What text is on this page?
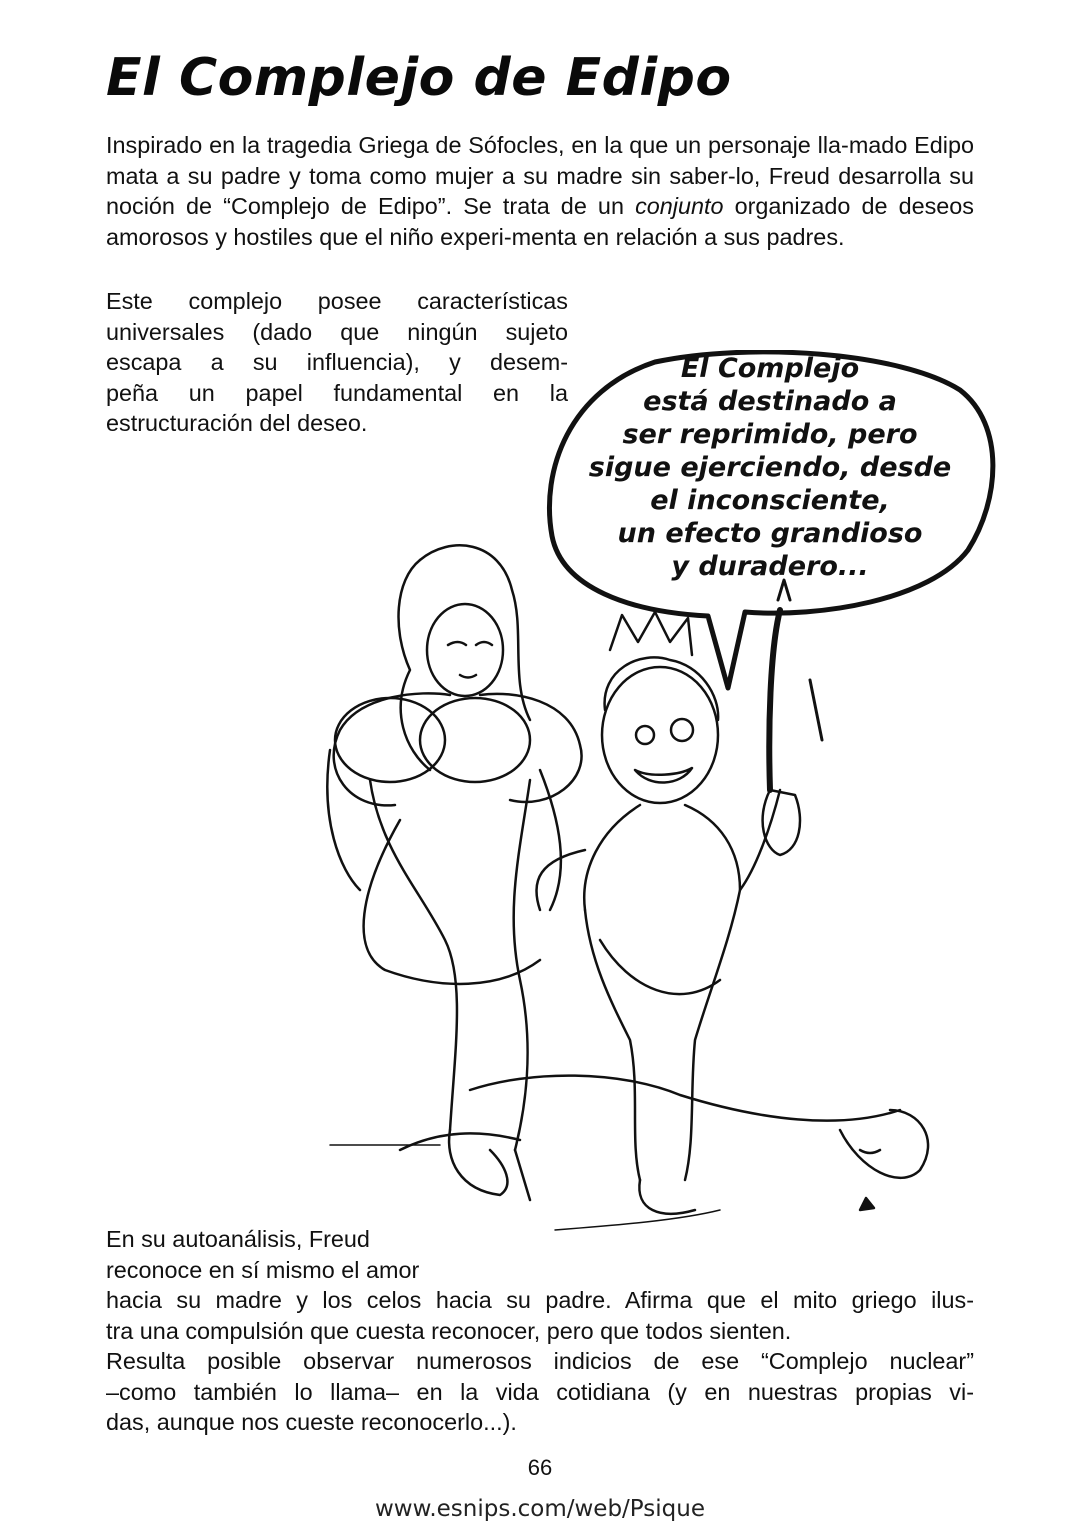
El Complejo de Edipo

Inspirado en la tragedia Griega de Sófocles, en la que un personaje lla-mado Edipo mata a su padre y toma como mujer a su madre sin saber-lo, Freud desarrolla su noción de “Complejo de Edipo”. Se trata de un conjunto organizado de deseos amorosos y hostiles que el niño experi-menta en relación a sus padres.

Este complejo posee características
universales (dado que ningún sujeto
escapa a su influencia), y desem-
peña un papel fundamental en la
estructuración del deseo.

El Complejo
está destinado a
ser reprimido, pero
sigue ejerciendo, desde
el inconsciente,
un efecto grandioso
y duradero...

En su autoanálisis, Freud
reconoce en sí mismo el amor
hacia su madre y los celos hacia su padre. Afirma que el mito griego ilus-
tra una compulsión que cuesta reconocer, pero que todos sienten.
Resulta posible observar numerosos indicios de ese “Complejo nuclear”
–como también lo llama– en la vida cotidiana (y en nuestras propias vi-
das, aunque nos cueste reconocerlo...).

66
www.esnips.com/web/Psique
